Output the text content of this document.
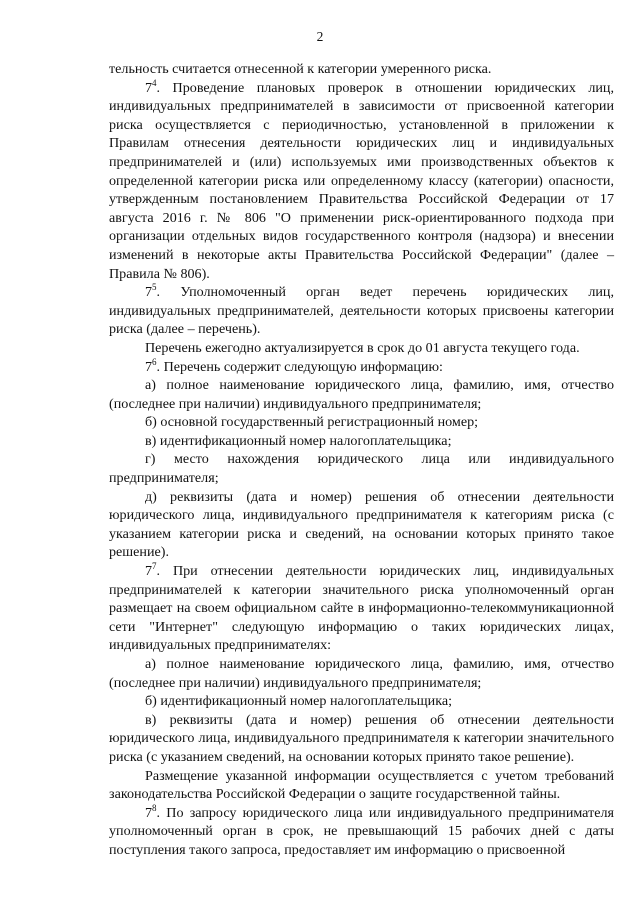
2

тельность считается отнесенной к категории умеренного риска.

$7^4$. Проведение плановых проверок в отношении юридических лиц, индивидуальных предпринимателей в зависимости от присвоенной категории риска осуществляется с периодичностью, установленной в приложении к Правилам отнесения деятельности юридических лиц и индивидуальных предпринимателей и (или) используемых ими производственных объектов к определенной категории риска или определенному классу (категории) опасности, утвержденным постановлением Правительства Российской Федерации от 17 августа 2016 г. № 806 "О применении риск-ориентированного подхода при организации отдельных видов государственного контроля (надзора) и внесении изменений в некоторые акты Правительства Российской Федерации" (далее – Правила № 806).

$7^5$. Уполномоченный орган ведет перечень юридических лиц, индивидуальных предпринимателей, деятельности которых присвоены категории риска (далее – перечень).

Перечень ежегодно актуализируется в срок до 01 августа текущего года.

$7^6$. Перечень содержит следующую информацию:

а) полное наименование юридического лица, фамилию, имя, отчество (последнее при наличии) индивидуального предпринимателя;

б) основной государственный регистрационный номер;

в) идентификационный номер налогоплательщика;

г) место нахождения юридического лица или индивидуального предпринимателя;

д) реквизиты (дата и номер) решения об отнесении деятельности юридического лица, индивидуального предпринимателя к категориям риска (с указанием категории риска и сведений, на основании которых принято такое решение).

$7^7$. При отнесении деятельности юридических лиц, индивидуальных предпринимателей к категории значительного риска уполномоченный орган размещает на своем официальном сайте в информационно-телекоммуникационной сети "Интернет" следующую информацию о таких юридических лицах, индивидуальных предпринимателях:

а) полное наименование юридического лица, фамилию, имя, отчество (последнее при наличии) индивидуального предпринимателя;

б) идентификационный номер налогоплательщика;

в) реквизиты (дата и номер) решения об отнесении деятельности юридического лица, индивидуального предпринимателя к категории значительного риска (с указанием сведений, на основании которых принято такое решение).

Размещение указанной информации осуществляется с учетом требований законодательства Российской Федерации о защите государственной тайны.

$7^8$. По запросу юридического лица или индивидуального предпринимателя уполномоченный орган в срок, не превышающий 15 рабочих дней с даты поступления такого запроса, предоставляет им информацию о присвоенной
